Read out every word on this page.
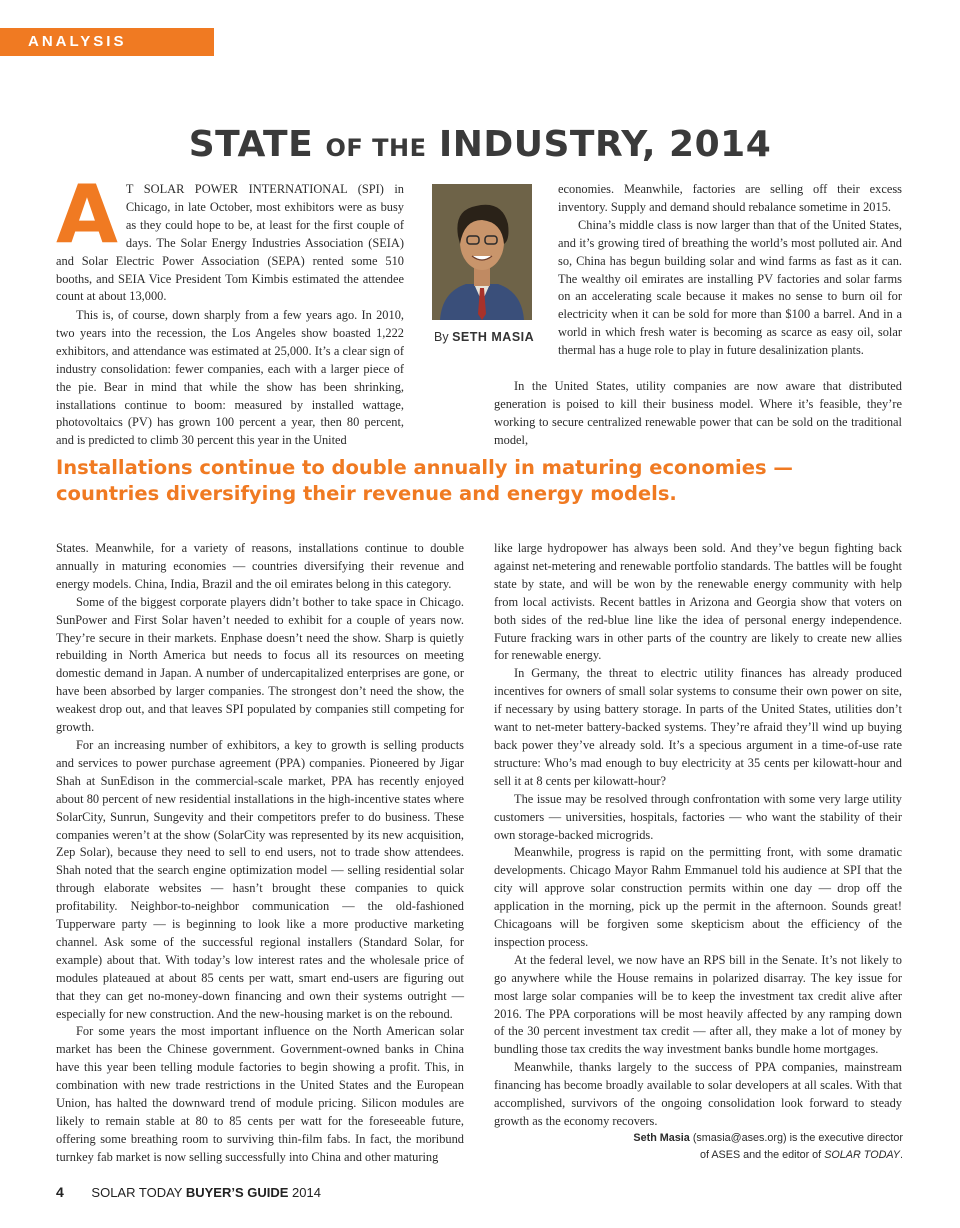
ANALYSIS
STATE OF THE INDUSTRY, 2014

A T SOLAR POWER INTERNATIONAL (SPI) in Chicago, in late October, most exhibitors were as busy as they could hope to be, at least for the first couple of days. The Solar Energy Industries Association (SEIA) and Solar Electric Power Association (SEPA) rented some 510 booths, and SEIA Vice President Tom Kimbis estimated the attendee count at about 13,000.

This is, of course, down sharply from a few years ago. In 2010, two years into the recession, the Los Angeles show boasted 1,222 exhibitors, and attendance was estimated at 25,000. It’s a clear sign of industry consolidation: fewer companies, each with a larger piece of the pie. Bear in mind that while the show has been shrinking, installations continue to boom: measured by installed wattage, photovoltaics (PV) has grown 100 percent a year, then 80 percent, and is predicted to climb 30 percent this year in the United

By SETH MASIA

economies. Meanwhile, factories are selling off their excess inventory. Supply and demand should rebalance sometime in 2015.

China’s middle class is now larger than that of the United States, and it’s growing tired of breathing the world’s most polluted air. And so, China has begun building solar and wind farms as fast as it can. The wealthy oil emirates are installing PV factories and solar farms on an accelerating scale because it makes no sense to burn oil for electricity when it can be sold for more than $100 a barrel. And in a world in which fresh water is becoming as scarce as easy oil, solar thermal has a huge role to play in future desalinization plants.

In the United States, utility companies are now aware that distributed generation is poised to kill their business model. Where it’s feasible, they’re working to secure centralized renewable power that can be sold on the traditional model,

Installations continue to double annually in maturing economies — countries diversifying their revenue and energy models.

States. Meanwhile, for a variety of reasons, installations continue to double annually in maturing economies — countries diversifying their revenue and energy models. China, India, Brazil and the oil emirates belong in this category.

Some of the biggest corporate players didn’t bother to take space in Chicago. SunPower and First Solar haven’t needed to exhibit for a couple of years now. They’re secure in their markets. Enphase doesn’t need the show. Sharp is quietly rebuilding in North America but needs to focus all its resources on meeting domestic demand in Japan. A number of undercapitalized enterprises are gone, or have been absorbed by larger companies. The strongest don’t need the show, the weakest drop out, and that leaves SPI populated by companies still competing for growth.

For an increasing number of exhibitors, a key to growth is selling products and services to power purchase agreement (PPA) companies. Pioneered by Jigar Shah at SunEdison in the commercial-scale market, PPA has recently enjoyed about 80 percent of new residential installations in the high-incentive states where SolarCity, Sunrun, Sungevity and their competitors prefer to do business. These companies weren’t at the show (SolarCity was represented by its new acquisition, Zep Solar), because they need to sell to end users, not to trade show attendees. Shah noted that the search engine optimization model — selling residential solar through elaborate websites — hasn’t brought these companies to quick profitability. Neighbor-to-neighbor communication — the old-fashioned Tupperware party — is beginning to look like a more productive marketing channel. Ask some of the successful regional installers (Standard Solar, for example) about that. With today’s low interest rates and the wholesale price of modules plateaued at about 85 cents per watt, smart end-users are figuring out that they can get no-money-down financing and own their systems outright — especially for new construction. And the new-housing market is on the rebound.

For some years the most important influence on the North American solar market has been the Chinese government. Government-owned banks in China have this year been telling module factories to begin showing a profit. This, in combination with new trade restrictions in the United States and the European Union, has halted the downward trend of module pricing. Silicon modules are likely to remain stable at 80 to 85 cents per watt for the foreseeable future, offering some breathing room to surviving thin-film fabs. In fact, the moribund turnkey fab market is now selling successfully into China and other maturing

like large hydropower has always been sold. And they’ve begun fighting back against net-metering and renewable portfolio standards. The battles will be fought state by state, and will be won by the renewable energy community with help from local activists. Recent battles in Arizona and Georgia show that voters on both sides of the red-blue line like the idea of personal energy independence. Future fracking wars in other parts of the country are likely to create new allies for renewable energy.

In Germany, the threat to electric utility finances has already produced incentives for owners of small solar systems to consume their own power on site, if necessary by using battery storage. In parts of the United States, utilities don’t want to net-meter battery-backed systems. They’re afraid they’ll wind up buying back power they’ve already sold. It’s a specious argument in a time-of-use rate structure: Who’s mad enough to buy electricity at 35 cents per kilowatt-hour and sell it at 8 cents per kilowatt-hour?

The issue may be resolved through confrontation with some very large utility customers — universities, hospitals, factories — who want the stability of their own storage-backed microgrids.

Meanwhile, progress is rapid on the permitting front, with some dramatic developments. Chicago Mayor Rahm Emmanuel told his audience at SPI that the city will approve solar construction permits within one day — drop off the application in the morning, pick up the permit in the afternoon. Sounds great! Chicagoans will be forgiven some skepticism about the efficiency of the inspection process.

At the federal level, we now have an RPS bill in the Senate. It’s not likely to go anywhere while the House remains in polarized disarray. The key issue for most large solar companies will be to keep the investment tax credit alive after 2016. The PPA corporations will be most heavily affected by any ramping down of the 30 percent investment tax credit — after all, they make a lot of money by bundling those tax credits the way investment banks bundle home mortgages.

Meanwhile, thanks largely to the success of PPA companies, mainstream financing has become broadly available to solar developers at all scales. With that accomplished, survivors of the ongoing consolidation look forward to steady growth as the economy recovers.

Seth Masia (smasia@ases.org) is the executive director
of ASES and the editor of SOLAR TODAY.
4 SOLAR TODAY BUYER’S GUIDE 2014
